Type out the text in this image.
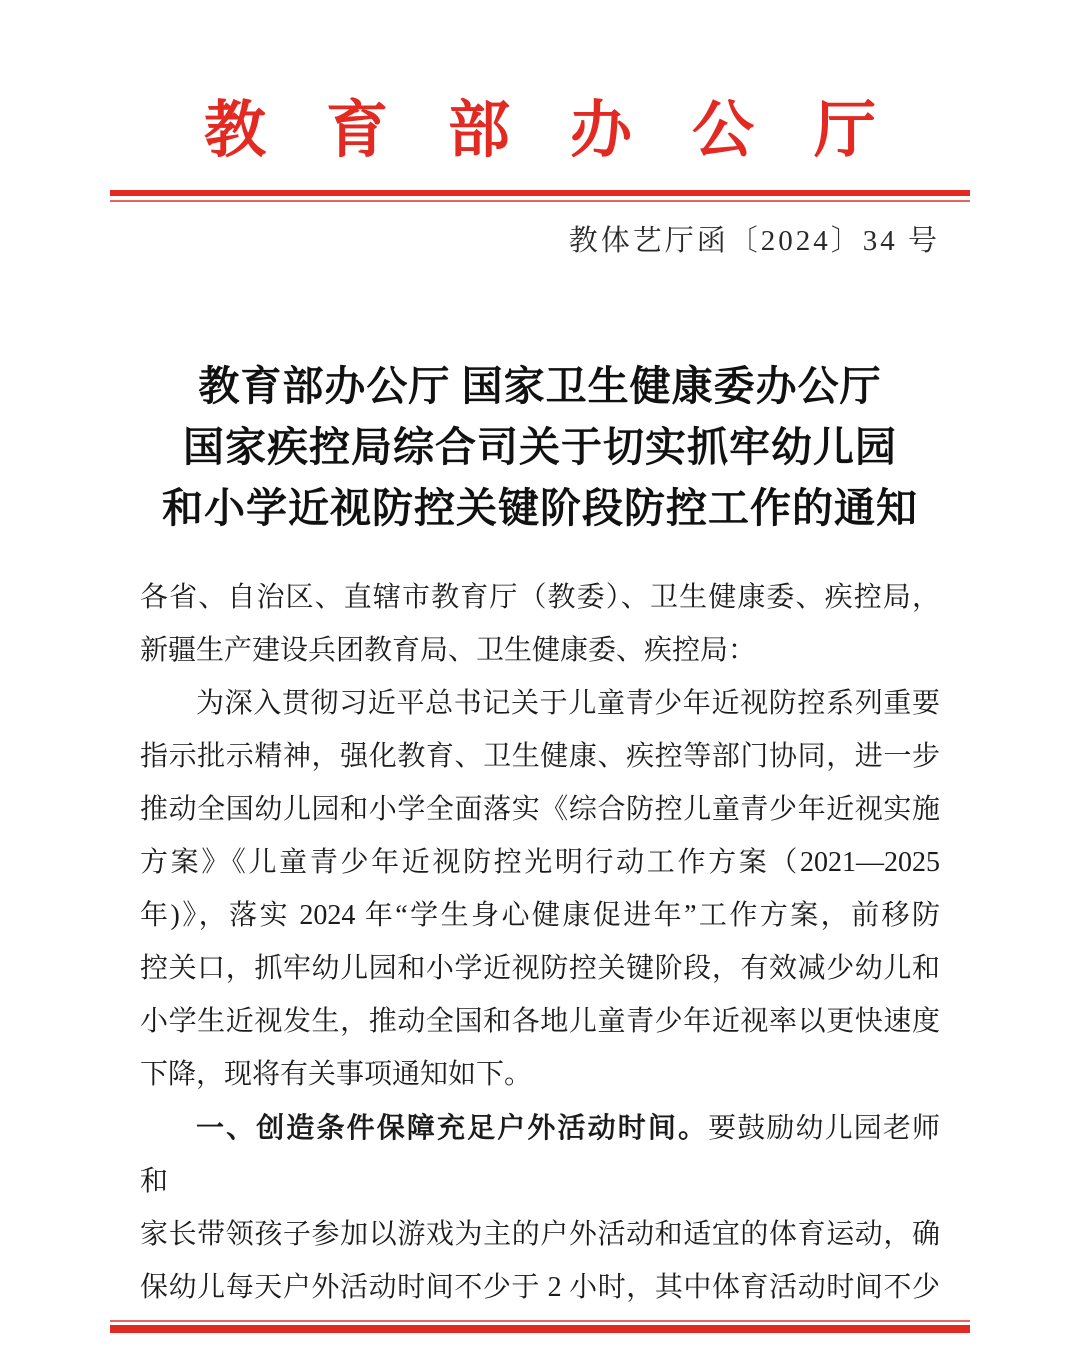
教育部办公厅
教体艺厅函〔2024〕34 号
教育部办公厅 国家卫生健康委办公厅
国家疾控局综合司关于切实抓牢幼儿园
和小学近视防控关键阶段防控工作的通知
各省、自治区、直辖市教育厅（教委）、卫生健康委、疾控局，
新疆生产建设兵团教育局、卫生健康委、疾控局：
为深入贯彻习近平总书记关于儿童青少年近视防控系列重要
指示批示精神，强化教育、卫生健康、疾控等部门协同，进一步
推动全国幼儿园和小学全面落实《综合防控儿童青少年近视实施
方案》《儿童青少年近视防控光明行动工作方案（2021—2025
年)》，落实 2024 年“学生身心健康促进年”工作方案，前移防
控关口，抓牢幼儿园和小学近视防控关键阶段，有效减少幼儿和
小学生近视发生，推动全国和各地儿童青少年近视率以更快速度
下降，现将有关事项通知如下。
一、创造条件保障充足户外活动时间。要鼓励幼儿园老师和
家长带领孩子参加以游戏为主的户外活动和适宜的体育运动，确
保幼儿每天户外活动时间不少于 2 小时，其中体育活动时间不少
